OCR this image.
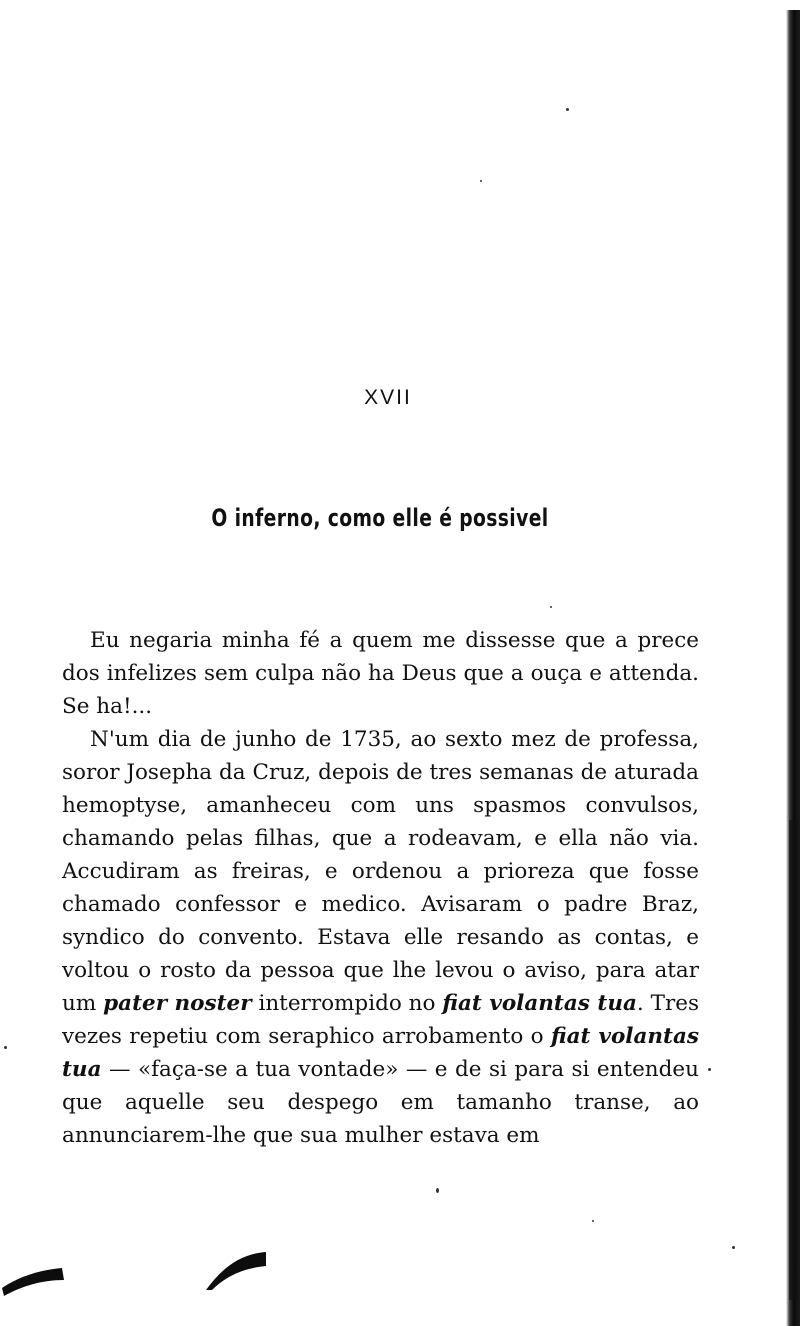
XVII
O inferno, como elle é possivel

Eu negaria minha fé a quem me dissesse que a prece dos infelizes sem culpa não ha Deus que a ouça e attenda. Se ha!...

N'um dia de junho de 1735, ao sexto mez de professa, soror Josepha da Cruz, depois de tres semanas de aturada hemoptyse, amanheceu com uns spasmos convulsos, chamando pelas filhas, que a rodeavam, e ella não via. Accudiram as freiras, e ordenou a prioreza que fosse chamado confessor e medico. Avisaram o padre Braz, syndico do convento. Estava elle resando as contas, e voltou o rosto da pessoa que lhe levou o aviso, para atar um pater noster interrompido no fiat volantas tua. Tres vezes repetiu com seraphico arrobamento o fiat volantas tua — «faça-se a tua vontade» — e de si para si entendeu que aquelle seu despego em tamanho transe, ao annunciarem-lhe que sua mulher estava em
